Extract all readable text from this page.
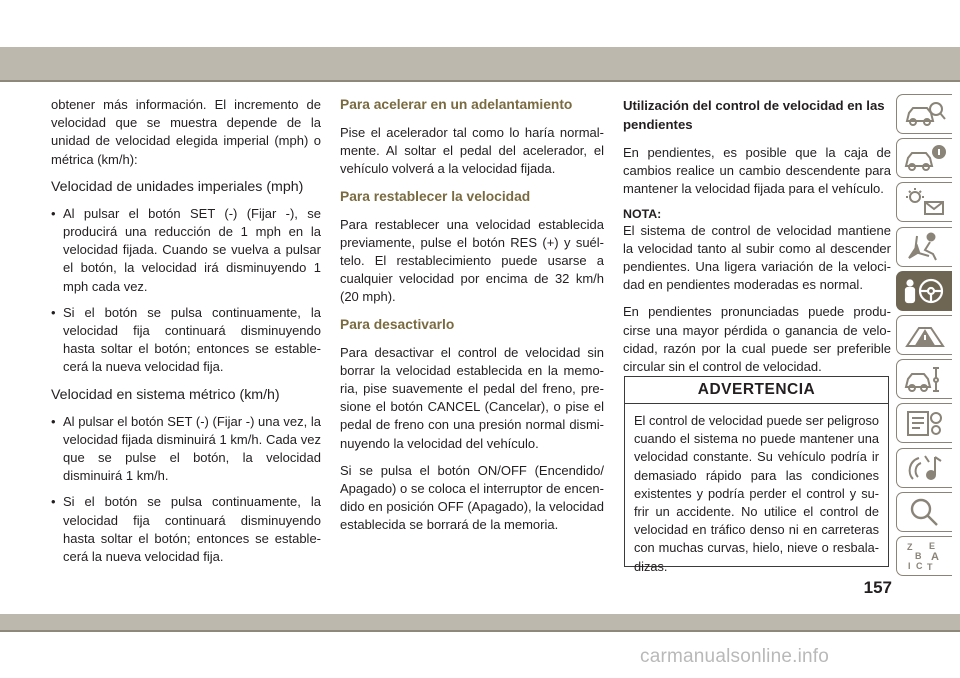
obtener más información. El incremento de velocidad que se muestra depende de la unidad de velocidad elegida imperial (mph) o métrica (km/h):

Velocidad de unidades imperiales (mph)
• Al pulsar el botón SET (-) (Fijar -), se producirá una reducción de 1 mph en la velocidad fijada. Cuando se vuelva a pulsar el botón, la velocidad irá disminuyendo 1 mph cada vez.
• Si el botón se pulsa continuamente, la velocidad fija continuará disminuyendo hasta soltar el botón; entonces se estable- cerá la nueva velocidad fija.
Velocidad en sistema métrico (km/h)
• Al pulsar el botón SET (-) (Fijar -) una vez, la velocidad fijada disminuirá 1 km/h. Cada vez que se pulse el botón, la velocidad disminuirá 1 km/h.
• Si el botón se pulsa continuamente, la velocidad fija continuará disminuyendo hasta soltar el botón; entonces se estable- cerá la nueva velocidad fija.
Para acelerar en un adelantamiento

Pise el acelerador tal como lo haría normal- mente. Al soltar el pedal del acelerador, el vehículo volverá a la velocidad fijada.

Para restablecer la velocidad

Para restablecer una velocidad establecida previamente, pulse el botón RES (+) y suél- telo. El restablecimiento puede usarse a cualquier velocidad por encima de 32 km/h (20 mph).

Para desactivarlo

Para desactivar el control de velocidad sin borrar la velocidad establecida en la memo- ria, pise suavemente el pedal del freno, pre- sione el botón CANCEL (Cancelar), o pise el pedal de freno con una presión normal dismi- nuyendo la velocidad del vehículo.

Si se pulsa el botón ON/OFF (Encendido/ Apagado) o se coloca el interruptor de encen- dido en posición OFF (Apagado), la velocidad establecida se borrará de la memoria.

Utilización del control de velocidad en las pendientes

En pendientes, es posible que la caja de cambios realice un cambio descendente para mantener la velocidad fijada para el vehículo.

NOTA:

El sistema de control de velocidad mantiene la velocidad tanto al subir como al descender pendientes. Una ligera variación de la veloci- dad en pendientes moderadas es normal.

En pendientes pronunciadas puede produ- cirse una mayor pérdida o ganancia de velo- cidad, razón por la cual puede ser preferible circular sin el control de velocidad.

ADVERTENCIA
El control de velocidad puede ser peligroso cuando el sistema no puede mantener una velocidad constante. Su vehículo podría ir demasiado rápido para las condiciones existentes y podría perder el control y su- frir un accidente. No utilice el control de velocidad en tráfico denso ni en carreteras con muchas curvas, hielo, nieve o resbala- dizas.
Z E
B A
I C T
157
carmanualsonline.info
